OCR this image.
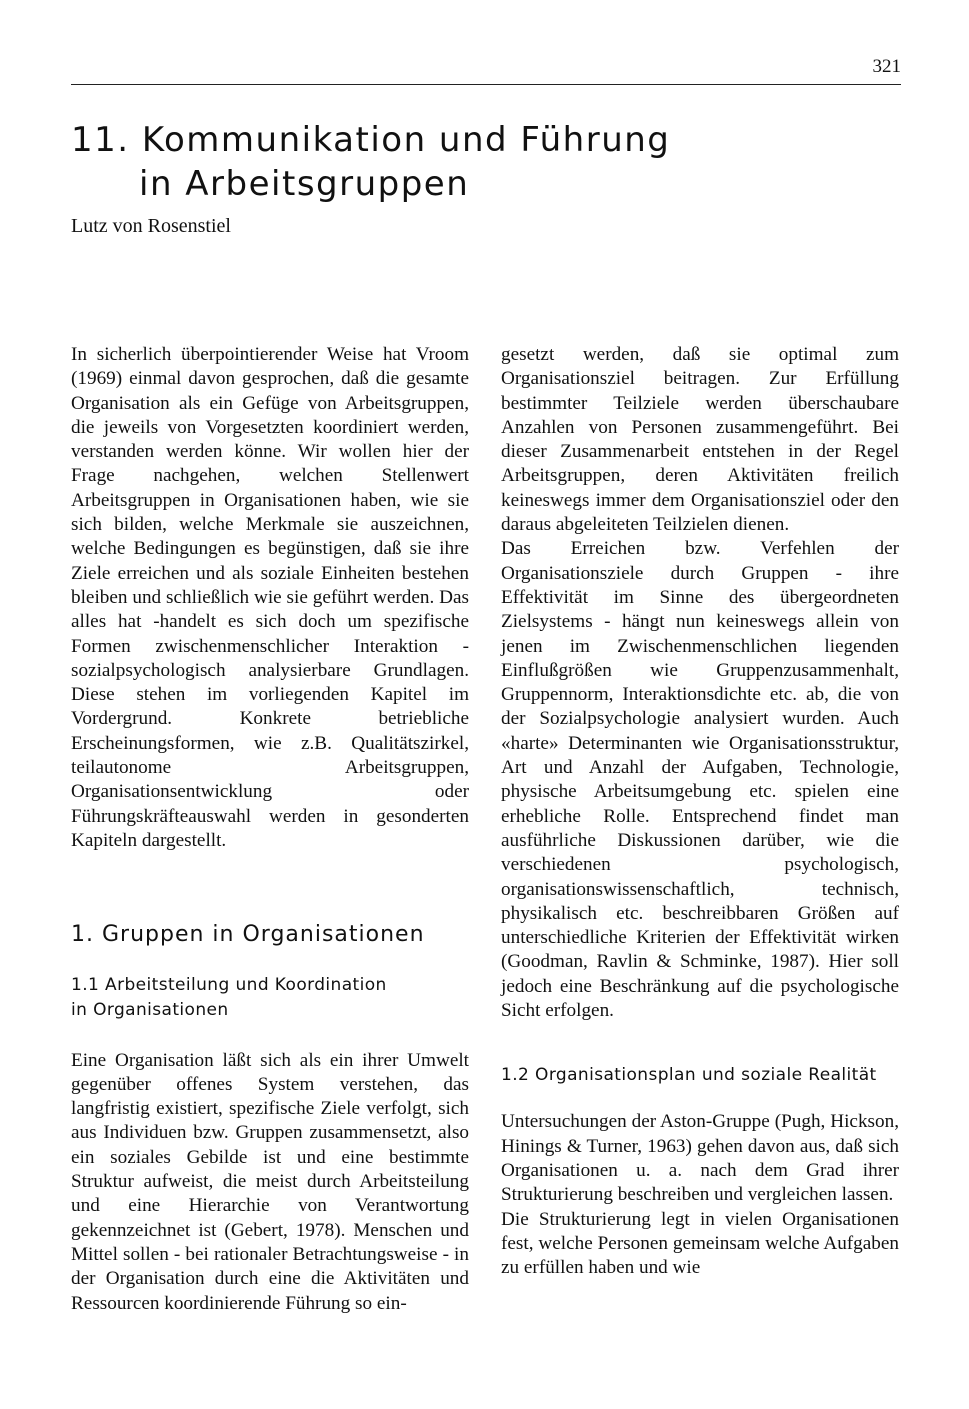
321
11. Kommunikation und Führung
in Arbeitsgruppen
Lutz von Rosenstiel

In sicherlich überpointierender Weise hat Vroom (1969) einmal davon gesprochen, daß die gesamte Organisation als ein Gefüge von Arbeitsgruppen, die jeweils von Vorgesetzten koordiniert werden, verstanden werden könne. Wir wollen hier der Frage nachgehen, welchen Stellenwert Arbeitsgruppen in Organisationen haben, wie sie sich bilden, welche Merkmale sie auszeichnen, welche Bedingungen es begünstigen, daß sie ihre Ziele erreichen und als soziale Einheiten bestehen bleiben und schließlich wie sie geführt werden. Das alles hat -handelt es sich doch um spezifische Formen zwischenmenschlicher Interaktion - sozialpsychologisch analysierbare Grundlagen. Diese stehen im vorliegenden Kapitel im Vordergrund. Konkrete betriebliche Erscheinungsformen, wie z.B. Qualitätszirkel, teilautonome Arbeitsgruppen, Organisationsentwicklung oder Führungskräfteauswahl werden in gesonderten Kapiteln dargestellt.

1. Gruppen in Organisationen
1.1 Arbeitsteilung und Koordination
in Organisationen

Eine Organisation läßt sich als ein ihrer Umwelt gegenüber offenes System verstehen, das langfristig existiert, spezifische Ziele verfolgt, sich aus Individuen bzw. Gruppen zusammensetzt, also ein soziales Gebilde ist und eine bestimmte Struktur aufweist, die meist durch Arbeitsteilung und eine Hierarchie von Verantwortung gekennzeichnet ist (Gebert, 1978). Menschen und Mittel sollen - bei rationaler Betrachtungsweise - in der Organisation durch eine die Aktivitäten und Ressourcen koordinierende Führung so ein-

gesetzt werden, daß sie optimal zum Organisationsziel beitragen. Zur Erfüllung bestimmter Teilziele werden überschaubare Anzahlen von Personen zusammengeführt. Bei dieser Zusammenarbeit entstehen in der Regel Arbeitsgruppen, deren Aktivitäten freilich keineswegs immer dem Organisationsziel oder den daraus abgeleiteten Teilzielen dienen.

Das Erreichen bzw. Verfehlen der Organisationsziele durch Gruppen - ihre Effektivität im Sinne des übergeordneten Zielsystems - hängt nun keineswegs allein von jenen im Zwischenmenschlichen liegenden Einflußgrößen wie Gruppenzusammenhalt, Gruppennorm, Interaktionsdichte etc. ab, die von der Sozialpsychologie analysiert wurden. Auch «harte» Determinanten wie Organisationsstruktur, Art und Anzahl der Aufgaben, Technologie, physische Arbeitsumgebung etc. spielen eine erhebliche Rolle. Entsprechend findet man ausführliche Diskussionen darüber, wie die verschiedenen psychologisch, organisationswissenschaftlich, technisch, physikalisch etc. beschreibbaren Größen auf unterschiedliche Kriterien der Effektivität wirken (Goodman, Ravlin & Schminke, 1987). Hier soll jedoch eine Beschränkung auf die psychologische Sicht erfolgen.

1.2 Organisationsplan und soziale Realität

Untersuchungen der Aston-Gruppe (Pugh, Hickson, Hinings & Turner, 1963) gehen davon aus, daß sich Organisationen u. a. nach dem Grad ihrer Strukturierung beschreiben und vergleichen lassen.

Die Strukturierung legt in vielen Organisationen fest, welche Personen gemeinsam welche Aufgaben zu erfüllen haben und wie
